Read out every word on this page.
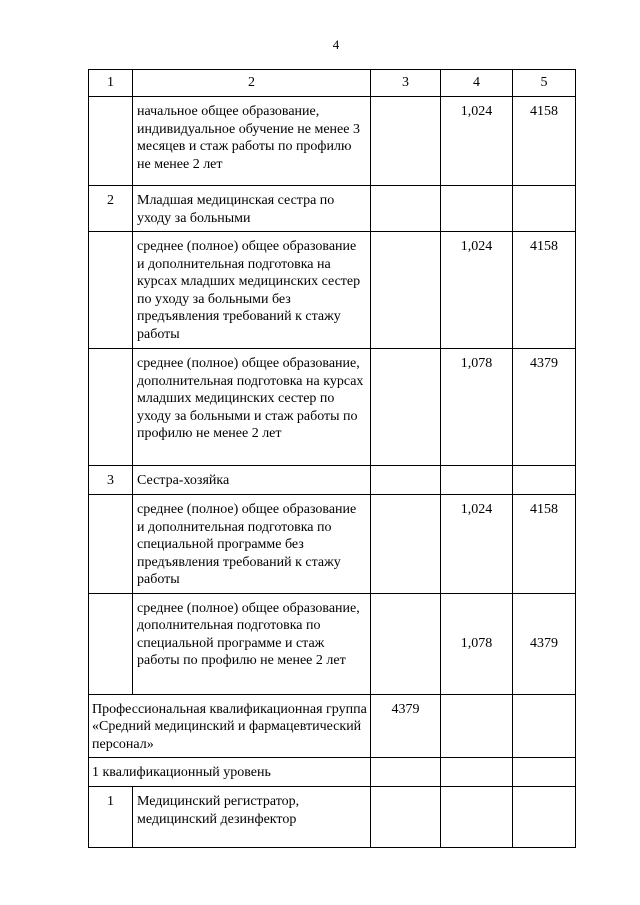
4
1	2	3	4	5
	начальное общее образование, индивидуальное обучение не менее 3 месяцев и стаж работы по профилю не менее 2 лет		1,024	4158
2	Младшая медицинская сестра по уходу за больными			
	среднее (полное) общее образование и дополнительная подготовка на курсах младших медицинских сестер по уходу за больными без предъявления требований к стажу работы		1,024	4158
	среднее (полное) общее образование, дополнительная подготовка на курсах младших медицинских сестер по уходу за больными и стаж работы по профилю не менее 2 лет		1,078	4379
3	Сестра-хозяйка			
	среднее (полное) общее образование и дополнительная подготовка по специальной программе без предъявления требований к стажу работы		1,024	4158
	среднее (полное) общее образование, дополнительная подготовка по специальной программе и стаж работы по профилю не менее 2 лет		1,078	4379
Профессиональная квалификационная группа «Средний медицинский и фармацевтический персонал»		4379		
1 квалификационный уровень				
1	Медицинский регистратор, медицинский дезинфектор			
